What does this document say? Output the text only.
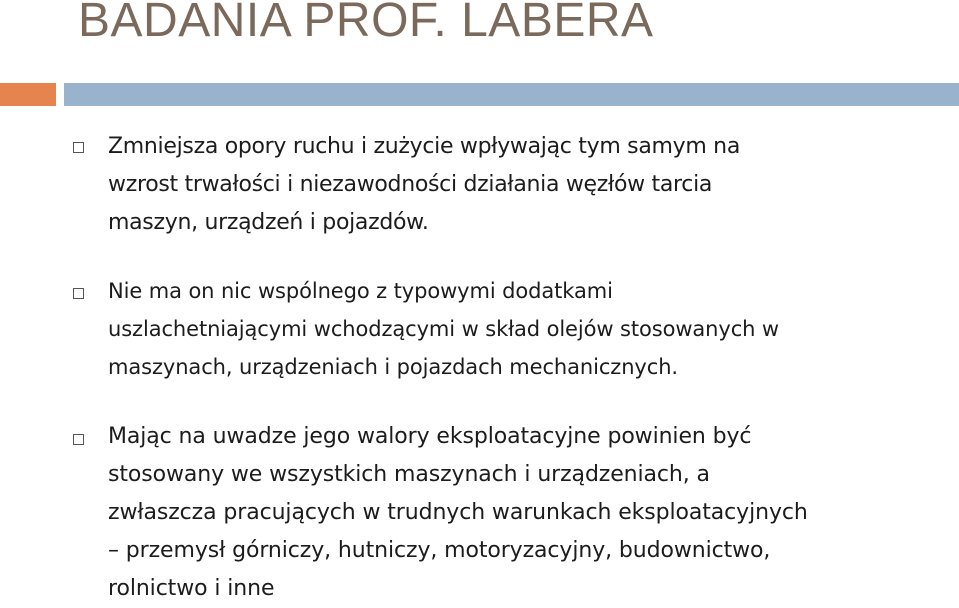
BADANIA PROF. LABERA

Zmniejsza opory ruchu i zużycie wpływając tym samym na
wzrost trwałości i niezawodności działania węzłów tarcia
maszyn, urządzeń i pojazdów.

Nie ma on nic wspólnego z typowymi dodatkami
uszlachetniającymi wchodzącymi w skład olejów stosowanych w
maszynach, urządzeniach i pojazdach mechanicznych.

Mając na uwadze jego walory eksploatacyjne powinien być
stosowany we wszystkich maszynach i urządzeniach, a
zwłaszcza pracujących w trudnych warunkach eksploatacyjnych
– przemysł górniczy, hutniczy, motoryzacyjny, budownictwo,
rolnictwo i inne
